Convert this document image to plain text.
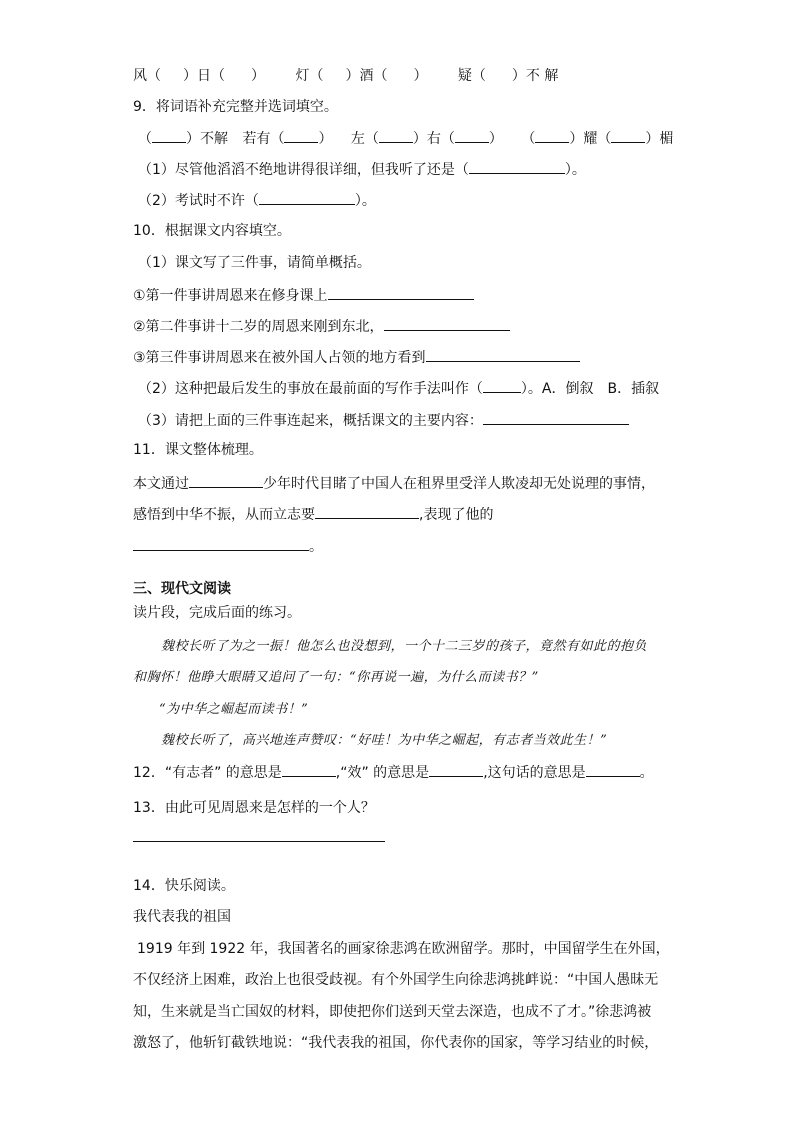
风（ ）日（ ） 灯（ ）酒（ ） 疑（ ）不 解
9．将词语补充完整并选词填空。
（ ）不解 若有（ ） 左（ ）右（ ） （ ）耀（ ）楣
（1）尽管他滔滔不绝地讲得很详细，但我听了还是（	）。
（2）考试时不许（	）。
10．根据课文内容填空。
（1）课文写了三件事，请简单概括。
①第一件事讲周恩来在修身课上
②第二件事讲十二岁的周恩来刚到东北，
③第三件事讲周恩来在被外国人占领的地方看到
（2）这种把最后发生的事放在最前面的写作手法叫作（	）。A．倒叙　B．插叙
（3）请把上面的三件事连起来，概括课文的主要内容：
11．课文整体梳理。
本文通过	少年时代目睹了中国人在租界里受洋人欺凌却无处说理的事情，
感悟到中华不振，从而立志要	,表现了他的
。
三、现代文阅读
读片段，完成后面的练习。
魏校长听了为之一振！他怎么也没想到，一个十二三岁的孩子，竟然有如此的抱负
和胸怀！他睁大眼睛又追问了一句：“你再说一遍，为什么而读书？”
“为中华之崛起而读书！”
魏校长听了，高兴地连声赞叹：“好哇！为中华之崛起，有志者当效此生！”
12．“有志者” 的意思是	,“效” 的意思是	,这句话的意思是	。
13．由此可见周恩来是怎样的一个人？
14．快乐阅读。
我代表我的祖国
1919 年到 1922 年，我国著名的画家徐悲鸿在欧洲留学。那时，中国留学生在外国，
不仅经济上困难，政治上也很受歧视。有个外国学生向徐悲鸿挑衅说：“中国人愚昧无
知，生来就是当亡国奴的材料，即使把你们送到天堂去深造，也成不了才。”徐悲鸿被
激怒了，他斩钉截铁地说：“我代表我的祖国，你代表你的国家，等学习结业的时候，
